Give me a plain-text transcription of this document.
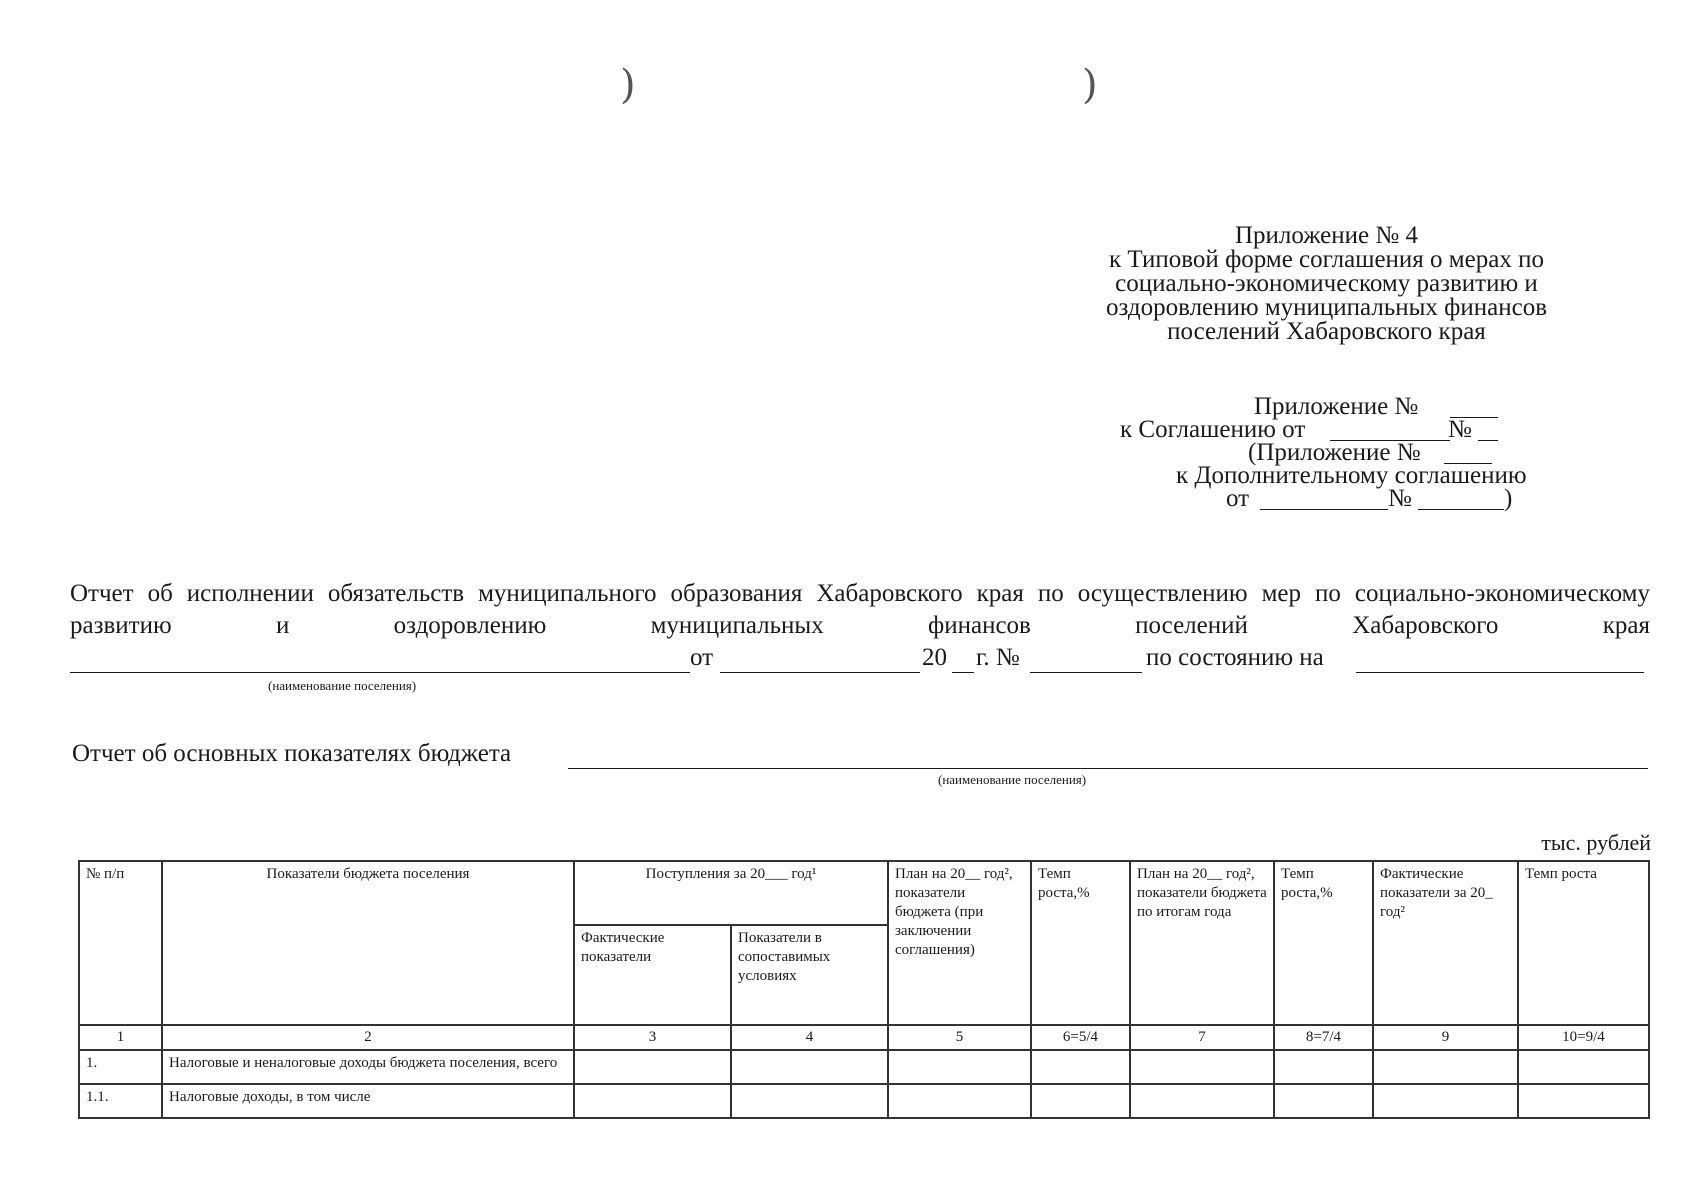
)	)
Приложение № 4
к Типовой форме соглашения о мерах по
социально-экономическому развитию и
оздоровлению муниципальных финансов
поселений Хабаровского края
Приложение №
к Соглашению от	№
(Приложение №
к Дополнительному соглашению
от	№	)
Отчет об исполнении обязательств муниципального образования Хабаровского края по осуществлению мер по социально-экономическому развитию и оздоровлению муниципальных финансов поселений Хабаровского края
от	20 г. №	по состоянию на
(наименование поселения)
Отчет об основных показателях бюджета
(наименование поселения)
тыс. рублей
№ п/п	Показатели бюджета поселения	Поступления за 20___ год¹		План на 20__ год², показатели бюджета (при заключении соглашения)	Темп роста,%	План на 20__ год², показатели бюджета по итогам года	Темп роста,%	Фактические показатели за 20_ год²	Темп роста
		Фактические показатели	Показатели в сопоставимых условиях						
1	2	3	4	5	6=5/4	7	8=7/4	9	10=9/4
1.	Налоговые и неналоговые доходы бюджета поселения, всего								
1.1.	Налоговые доходы, в том числе								
